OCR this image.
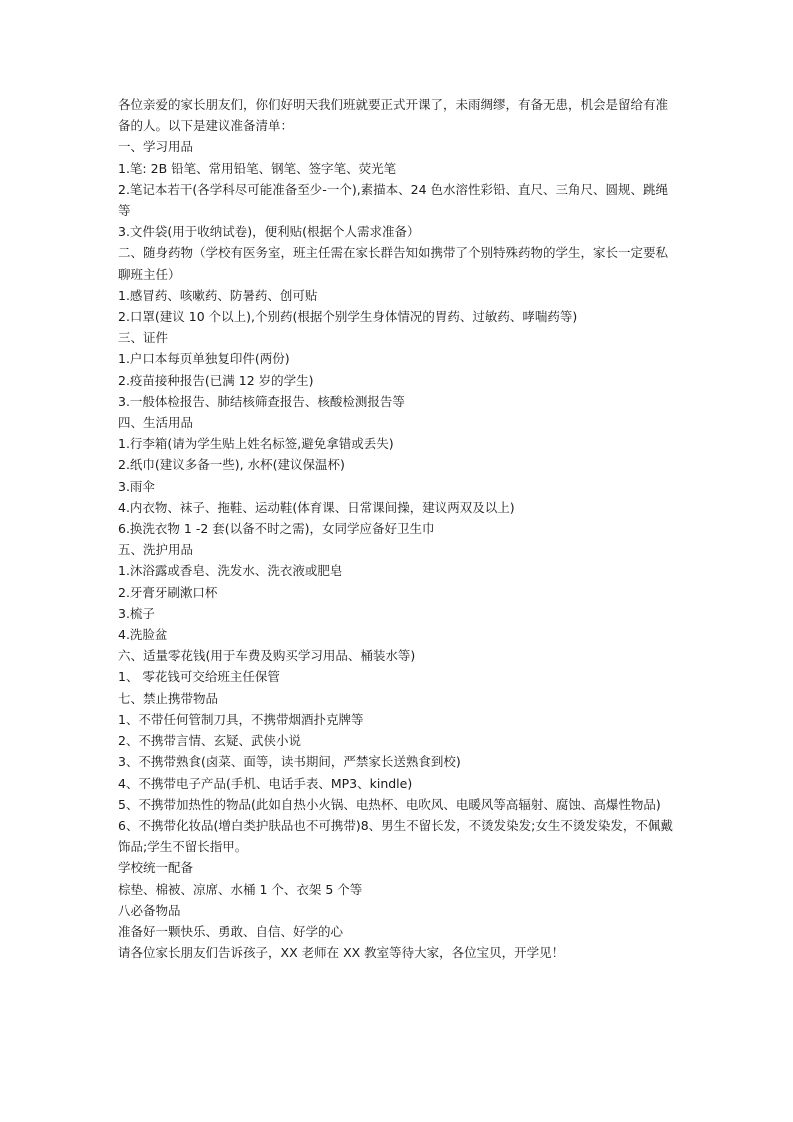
各位亲爱的家长朋友们，你们好明天我们班就要正式开课了，未雨绸缪，有备无患，机会是留给有准备的人。以下是建议准备清单：

一、学习用品

1.笔: 2B 铅笔、常用铅笔、钢笔、签字笔、荧光笔

2.笔记本若干(各学科尽可能准备至少-一个),素描本、24 色水溶性彩铅、直尺、三角尺、圆规、跳绳等

3.文件袋(用于收纳试卷)，便利贴(根据个人需求准备）

二、随身药物（学校有医务室，班主任需在家长群告知如携带了个别特殊药物的学生，家长一定要私聊班主任）

1.感冒药、咳嗽药、防暑药、创可贴

2.口罩(建议 10 个以上),个别药(根据个别学生身体情况的胃药、过敏药、哮喘药等)

三、证件

1.户口本每页单独复印件(两份)

2.疫苗接种报告(已满 12 岁的学生)

3.一般体检报告、肺结核筛查报告、核酸检测报告等

四、生活用品

1.行李箱(请为学生贴上姓名标签,避免拿错或丢失)

2.纸巾(建议多备一些), 水杯(建议保温杯)

3.雨伞

4.内衣物、袜子、拖鞋、运动鞋(体育课、日常课间操，建议两双及以上)

6.换洗衣物 1 -2 套(以备不时之需)，女同学应备好卫生巾

五、洗护用品

1.沐浴露或香皂、洗发水、洗衣液或肥皂

2.牙膏牙刷漱口杯

3.梳子

4.洗脸盆

六、适量零花钱(用于车费及购买学习用品、桶装水等)

1、 零花钱可交给班主任保管

七、禁止携带物品

1、不带任何管制刀具，不携带烟酒扑克牌等

2、不携带言情、玄疑、武侠小说

3、不携带熟食(卤菜、面等，读书期间，严禁家长送熟食到校)

4、不携带电子产品(手机、电话手表、MP3、kindle)

5、不携带加热性的物品(此如自热小火锅、电热杯、电吹风、电暖风等高辐射、腐蚀、高爆性物品)

6、不携带化妆品(增白类护肤品也不可携带)8、男生不留长发，不烫发染发;女生不烫发染发，不佩戴饰品;学生不留长指甲。

学校统一配备

棕垫、棉被、凉席、水桶 1 个、衣架 5 个等

八必备物品

准备好一颗快乐、勇敢、自信、好学的心

请各位家长朋友们告诉孩子，XX 老师在 XX 教室等待大家，各位宝贝，开学见！
